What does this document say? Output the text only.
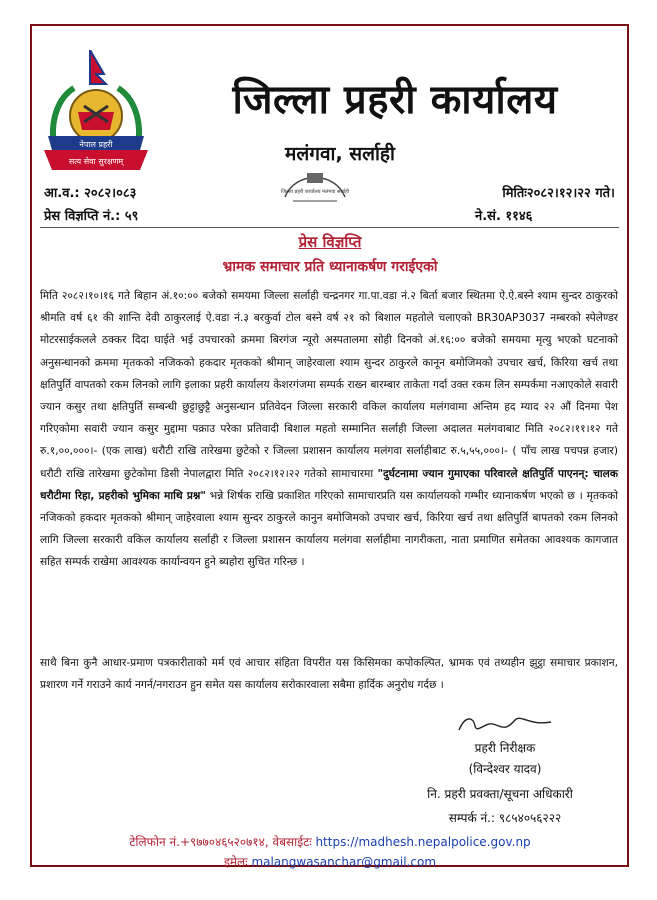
नेपाल प्रहरी
सत्य सेवा सुरक्षणम्
जिल्ला प्रहरी कार्यालय
मलंगवा, सर्लाही
जिल्ला प्रहरी कार्यालय मलंगवा सर्लाही
आ.व.: २०८२।०८३
प्रेस विज्ञप्ति नं.: ५९
मितिः२०८२।१२।२२ गते।
ने.सं. ११४६
प्रेस विज्ञप्ति
भ्रामक समाचार प्रति ध्यानाकर्षण गराईएको
मिति २०८२।१०।१६ गते बिहान अं.१०:०० बजेको समयमा जिल्ला सर्लाही चन्द्रनगर गा.पा.वडा नं.२ बिर्ता बजार स्थितमा ऐ.ऐ.बस्ने श्याम सुन्दर ठाकुरको श्रीमति वर्ष ६१ की शान्ति देवी ठाकुरलाई ऐ.वडा नं.३ बरकुर्वा टोल बस्ने वर्ष २१ को बिशाल महतोले चलाएको BR30AP3037 नम्बरको स्पेलेण्डर मोटरसाईकलले ठक्कर दिदा घाईते भई उपचारको क्रममा बिरगंज न्यूरो अस्पतालमा सोही दिनको अं.१६:०० बजेको समयमा मृत्यु भएको घटनाको अनुसन्धानको क्रममा मृतकको नजिकको हकदार मृतकको श्रीमान् जाहेरवाला श्याम सुन्दर ठाकुरले कानून बमोजिमको उपचार खर्च, किरिया खर्च तथा क्षतिपुर्ति वापतको रकम लिनको लागि इलाका प्रहरी कार्यालय केशरगंजमा सम्पर्क राख्न बारम्बार ताकेता गर्दा उक्त रकम लिन सम्पर्कमा नआएकोले सवारी ज्यान कसुर तथा क्षतिपुर्ति सम्बन्धी छुट्टाछुट्टै अनुसन्धान प्रतिवेदन जिल्ला सरकारी वकिल कार्यालय मलंगवामा अन्तिम हद म्याद २२ औं दिनमा पेश गरिएकोमा सवारी ज्यान कसुर मुद्दामा पक्राउ परेका प्रतिवादी बिशाल महतो सम्मानित सर्लाही जिल्ला अदालत मलंगवाबाट मिति २०८२।११।१२ गते रु.१,००,०००।- (एक लाख) धरौटी राखि तारेखमा छुटेको र जिल्ला प्रशासन कार्यालय मलंगवा सर्लाहीबाट रु.५,५५,०००।- ( पाँच लाख पचपन्न हजार) धरौटी राखि तारेखमा छुटेकोमा डिसी नेपालद्वारा मिति २०८२।१२।२२ गतेको सामाचारमा "दुर्घटनामा ज्यान गुमाएका परिवारले क्षतिपुर्ति पाएनन्: चालक धरौटीमा रिहा, प्रहरीको भुमिका माथि प्रश्न" भन्ने शिर्षक राखि प्रकाशित गरिएको सामाचारप्रति यस कार्यालयको गम्भीर ध्यानाकर्षण भएको छ । मृतकको नजिकको हकदार मृतकको श्रीमान् जाहेरवाला श्याम सुन्दर ठाकुरले कानुन बमोजिमको उपचार खर्च, किरिया खर्च तथा क्षतिपुर्ति बापतको रकम लिनको लागि जिल्ला सरकारी वकिल कार्यालय सर्लाही र जिल्ला प्रशासन कार्यालय मलंगवा सर्लाहीमा नागरीकता, नाता प्रमाणित समेतका आवश्यक कागजात सहित सम्पर्क राखेमा आवश्यक कार्यान्वयन हुने ब्यहोरा सुचित गरिन्छ ।
साथै बिना कुनै आधार-प्रमाण पत्रकारीताको मर्म एवं आचार संहिता विपरीत यस किसिमका कपोकल्पित, भ्रामक एवं तथ्यहीन झुट्ठा समाचार प्रकाशन, प्रशारण गर्ने गराउने कार्य नगर्न/नगराउन हुन समेत यस कार्यालय सरोकारवाला सबैमा हार्दिक अनुरोध गर्दछ ।
प्रहरी निरीक्षक
(विन्देश्वर यादव)
नि. प्रहरी प्रवक्ता/सूचना अधिकारी
सम्पर्क नं.: ९८५४०५६२२२
टेलिफोन नं.+९७७०४६५२०७१४, वेबसाईटः https://madhesh.nepalpolice.gov.np
इमेलः malangwasanchar@gmail.com
